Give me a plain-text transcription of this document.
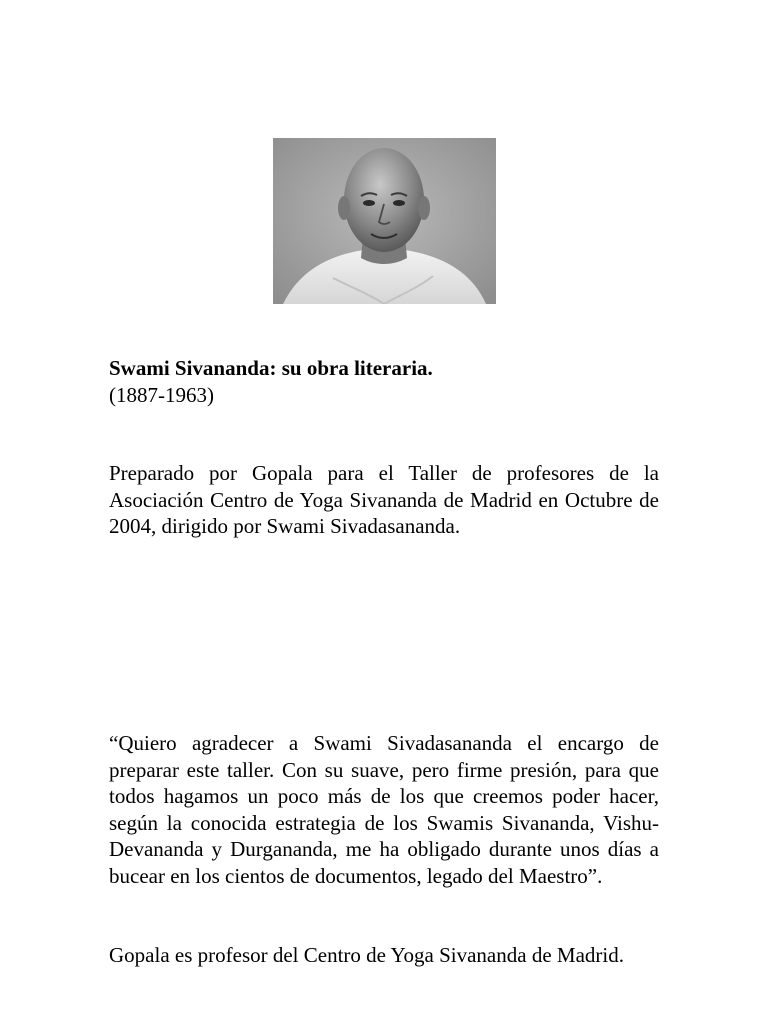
Swami Sivananda: su obra literaria.
(1887-1963)

Preparado por Gopala para el Taller de profesores de la Asociación Centro de Yoga Sivananda de Madrid en Octubre de 2004, dirigido por Swami Sivadasananda.

“Quiero agradecer a Swami Sivadasananda el encargo de preparar este taller. Con su suave, pero firme presión, para que todos hagamos un poco más de los que creemos poder hacer, según la conocida estrategia de los Swamis Sivananda, Vishu-Devananda y Durgananda, me ha obligado durante unos días a bucear en los cientos de documentos, legado del Maestro”.

Gopala es profesor del Centro de Yoga Sivananda de Madrid.
